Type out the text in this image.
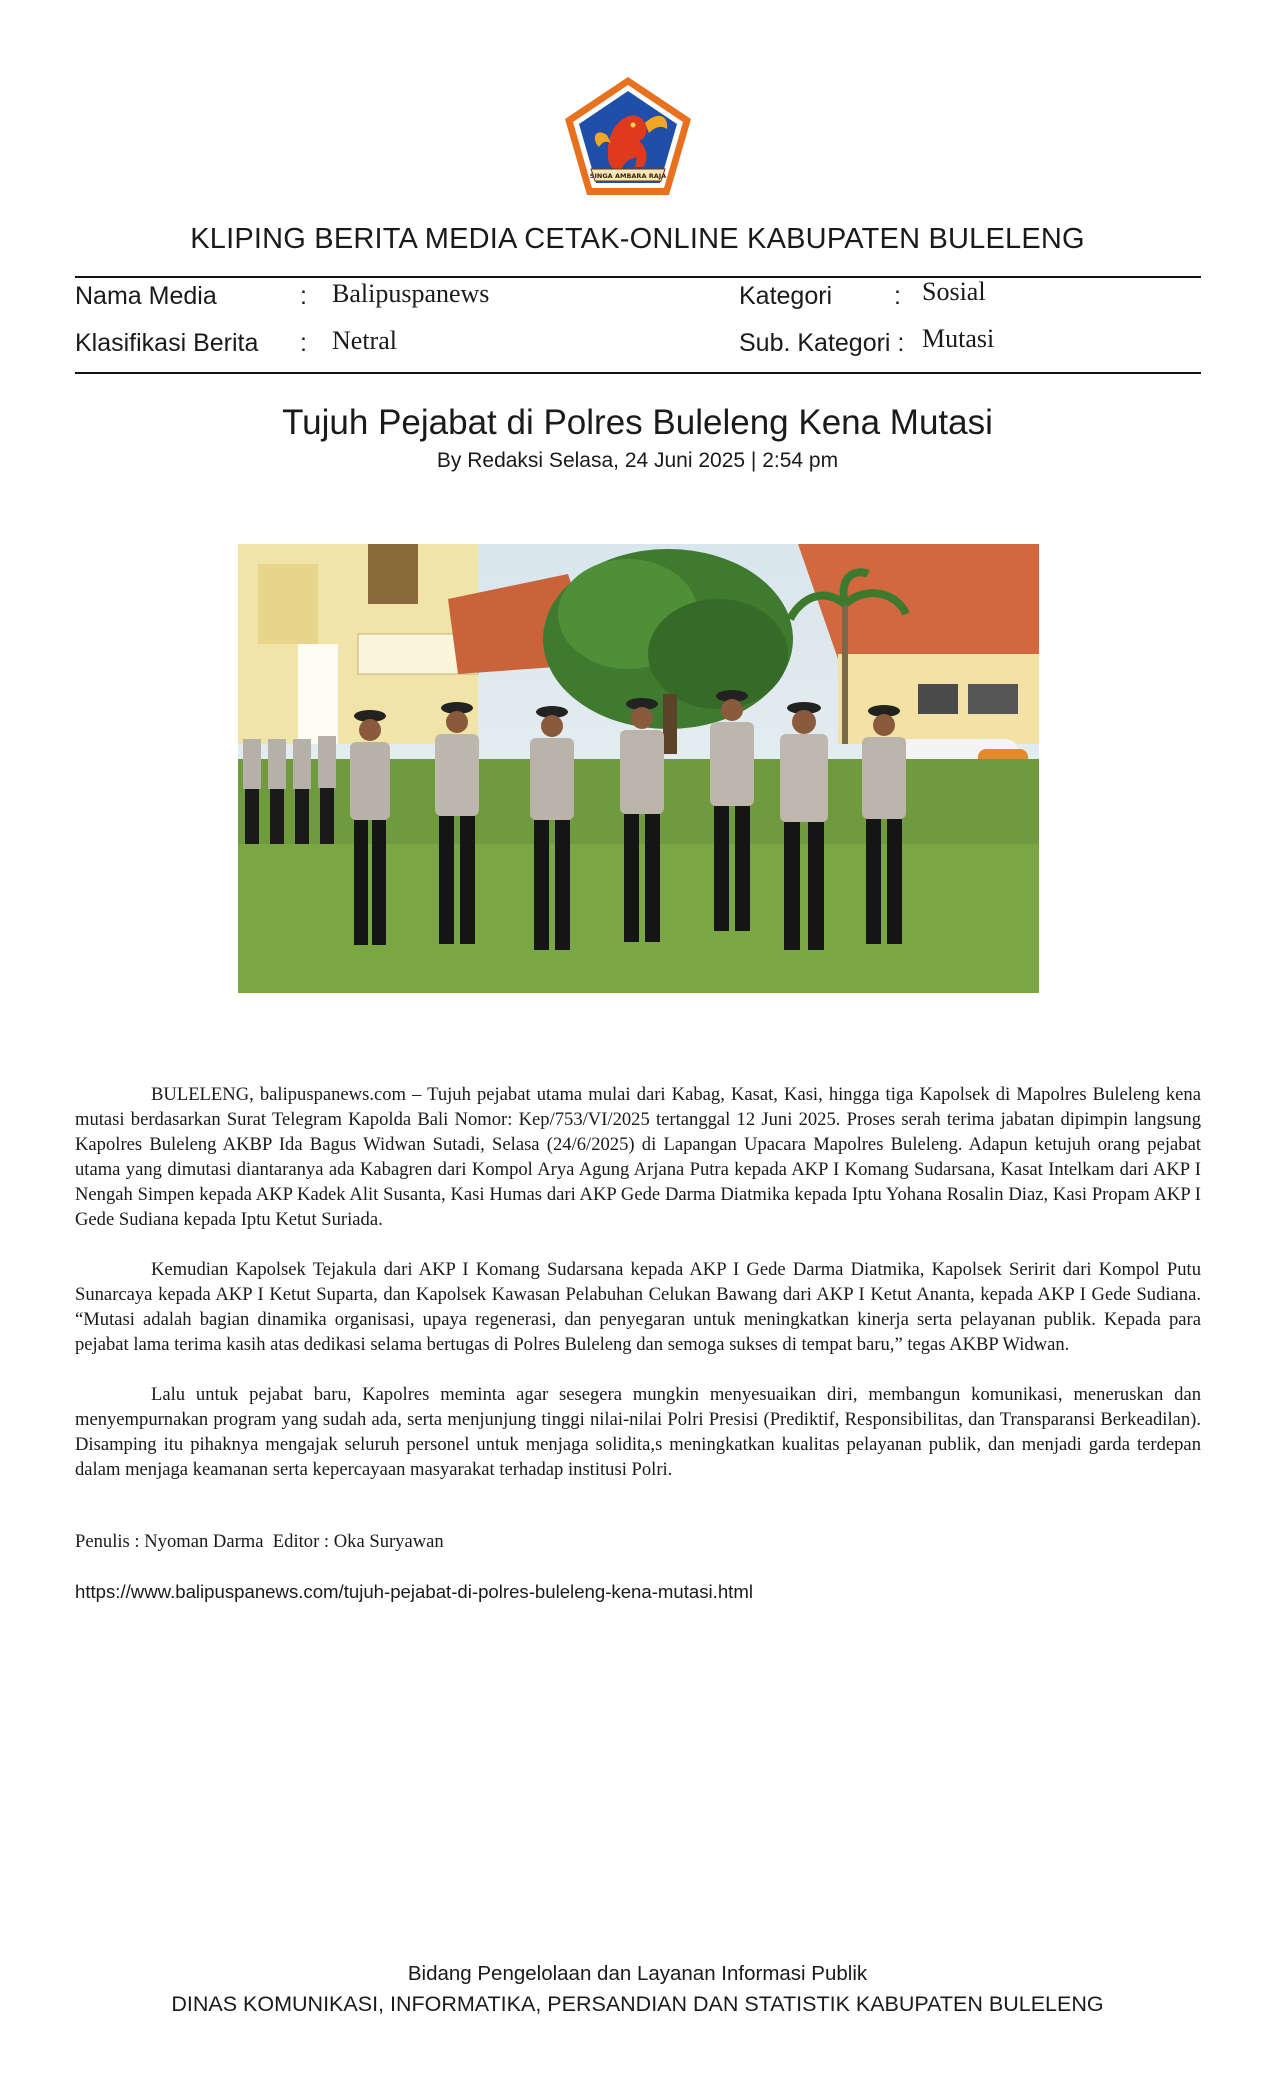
SINGA AMBARA RAJA
KLIPING BERITA MEDIA CETAK-ONLINE KABUPATEN BULELENG
Nama Media	: Balipuspanews	Kategori : Sosial
Klasifikasi Berita : Netral	Sub. Kategori : Mutasi
Tujuh Pejabat di Polres Buleleng Kena Mutasi
By Redaksi Selasa, 24 Juni 2025 | 2:54 pm

BULELENG, balipuspanews.com – Tujuh pejabat utama mulai dari Kabag, Kasat, Kasi, hingga tiga Kapolsek di Mapolres Buleleng kena mutasi berdasarkan Surat Telegram Kapolda Bali Nomor: Kep/753/VI/2025 tertanggal 12 Juni 2025. Proses serah terima jabatan dipimpin langsung Kapolres Buleleng AKBP Ida Bagus Widwan Sutadi, Selasa (24/6/2025) di Lapangan Upacara Mapolres Buleleng. Adapun ketujuh orang pejabat utama yang dimutasi diantaranya ada Kabagren dari Kompol Arya Agung Arjana Putra kepada AKP I Komang Sudarsana, Kasat Intelkam dari AKP I Nengah Simpen kepada AKP Kadek Alit Susanta, Kasi Humas dari AKP Gede Darma Diatmika kepada Iptu Yohana Rosalin Diaz, Kasi Propam AKP I Gede Sudiana kepada Iptu Ketut Suriada.

Kemudian Kapolsek Tejakula dari AKP I Komang Sudarsana kepada AKP I Gede Darma Diatmika, Kapolsek Seririt dari Kompol Putu Sunarcaya kepada AKP I Ketut Suparta, dan Kapolsek Kawasan Pelabuhan Celukan Bawang dari AKP I Ketut Ananta, kepada AKP I Gede Sudiana. “Mutasi adalah bagian dinamika organisasi, upaya regenerasi, dan penyegaran untuk meningkatkan kinerja serta pelayanan publik. Kepada para pejabat lama terima kasih atas dedikasi selama bertugas di Polres Buleleng dan semoga sukses di tempat baru,” tegas AKBP Widwan.

Lalu untuk pejabat baru, Kapolres meminta agar sesegera mungkin menyesuaikan diri, membangun komunikasi, meneruskan dan menyempurnakan program yang sudah ada, serta menjunjung tinggi nilai-nilai Polri Presisi (Prediktif, Responsibilitas, dan Transparansi Berkeadilan). Disamping itu pihaknya mengajak seluruh personel untuk menjaga solidita,s meningkatkan kualitas pelayanan publik, dan menjadi garda terdepan dalam menjaga keamanan serta kepercayaan masyarakat terhadap institusi Polri.

Penulis : Nyoman Darma  Editor : Oka Suryawan
https://www.balipuspanews.com/tujuh-pejabat-di-polres-buleleng-kena-mutasi.html
Bidang Pengelolaan dan Layanan Informasi Publik
DINAS KOMUNIKASI, INFORMATIKA, PERSANDIAN DAN STATISTIK KABUPATEN BULELENG
